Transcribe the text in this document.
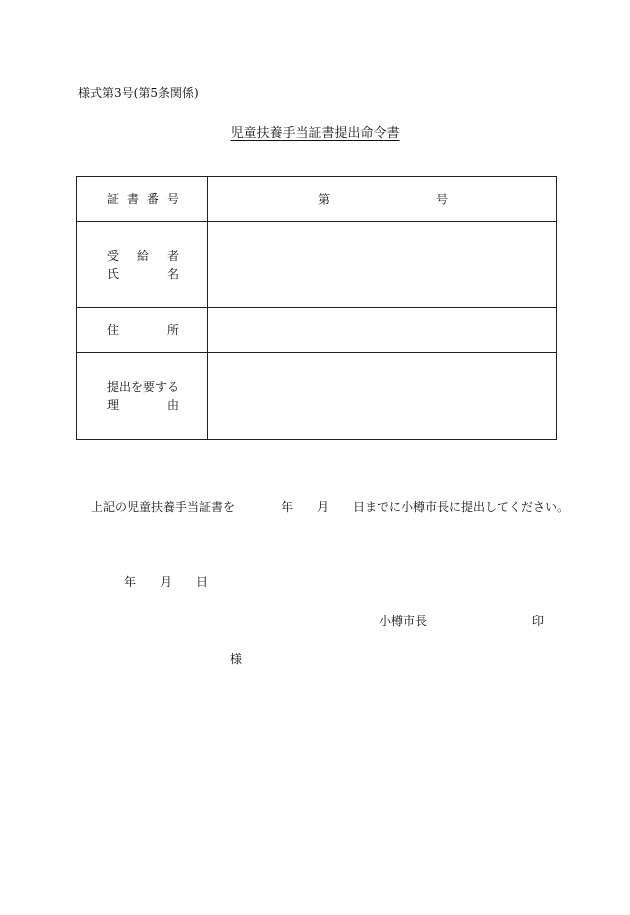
様式第3号(第5条関係)
児童扶養手当証書提出命令書
証 書 番 号	第 号

受 給 者
氏 名	

住 所	

提出を要する
理 由	

上記の児童扶養手当証書を	年 月 日までに小樽市長に提出してください。
年 月 日
小樽市長	印
様
